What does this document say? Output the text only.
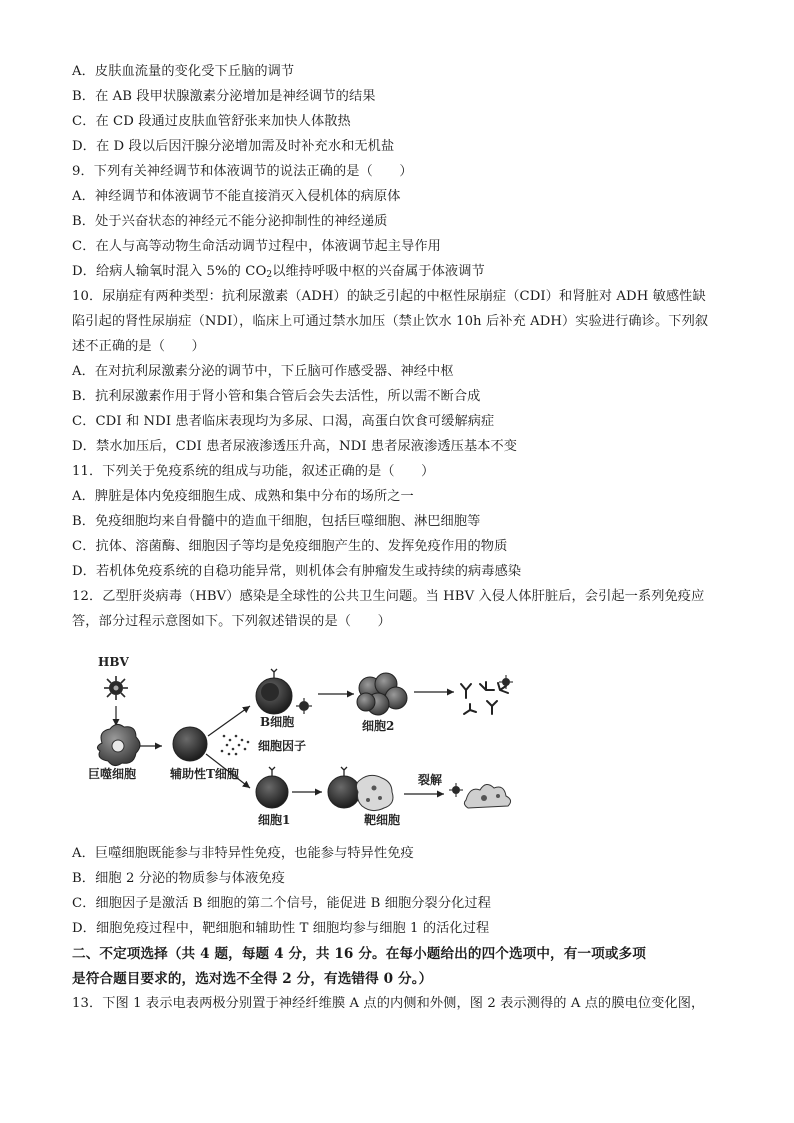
A．皮肤血流量的变化受下丘脑的调节
B．在 AB 段甲状腺激素分泌增加是神经调节的结果
C．在 CD 段通过皮肤血管舒张来加快人体散热
D．在 D 段以后因汗腺分泌增加需及时补充水和无机盐
9．下列有关神经调节和体液调节的说法正确的是（　　）
A．神经调节和体液调节不能直接消灭入侵机体的病原体
B．处于兴奋状态的神经元不能分泌抑制性的神经递质
C．在人与高等动物生命活动调节过程中，体液调节起主导作用
D．给病人输氧时混入 5%的 $CO_2$以维持呼吸中枢的兴奋属于体液调节
10．尿崩症有两种类型：抗利尿激素（ADH）的缺乏引起的中枢性尿崩症（CDI）和肾脏对 ADH 敏感性缺
陷引起的肾性尿崩症（NDI），临床上可通过禁水加压（禁止饮水 10h 后补充 ADH）实验进行确诊。下列叙
述不正确的是（　　）
A．在对抗利尿激素分泌的调节中，下丘脑可作感受器、神经中枢
B．抗利尿激素作用于肾小管和集合管后会失去活性，所以需不断合成
C．CDI 和 NDI 患者临床表现均为多尿、口渴，高蛋白饮食可缓解病症
D．禁水加压后，CDI 患者尿液渗透压升高，NDI 患者尿液渗透压基本不变
11．下列关于免疫系统的组成与功能，叙述正确的是（　　）
A．脾脏是体内免疫细胞生成、成熟和集中分布的场所之一
B．免疫细胞均来自骨髓中的造血干细胞，包括巨噬细胞、淋巴细胞等
C．抗体、溶菌酶、细胞因子等均是免疫细胞产生的、发挥免疫作用的物质
D．若机体免疫系统的自稳功能异常，则机体会有肿瘤发生或持续的病毒感染
12．乙型肝炎病毒（HBV）感染是全球性的公共卫生问题。当 HBV 入侵人体肝脏后，会引起一系列免疫应
答，部分过程示意图如下。下列叙述错误的是（　　）
HBV
巨噬细胞	辅助性T细胞
B细胞
细胞因子
细胞2
细胞1	靶细胞
裂解
A．巨噬细胞既能参与非特异性免疫，也能参与特异性免疫
B．细胞 2 分泌的物质参与体液免疫
C．细胞因子是激活 B 细胞的第二个信号，能促进 B 细胞分裂分化过程
D．细胞免疫过程中，靶细胞和辅助性 T 细胞均参与细胞 1 的活化过程
二、不定项选择（共 4 题，每题 4 分，共 16 分。在每小题给出的四个选项中，有一项或多项
是符合题目要求的，选对选不全得 2 分，有选错得 0 分。）
13．下图 1 表示电表两极分别置于神经纤维膜 A 点的内侧和外侧，图 2 表示测得的 A 点的膜电位变化图，
